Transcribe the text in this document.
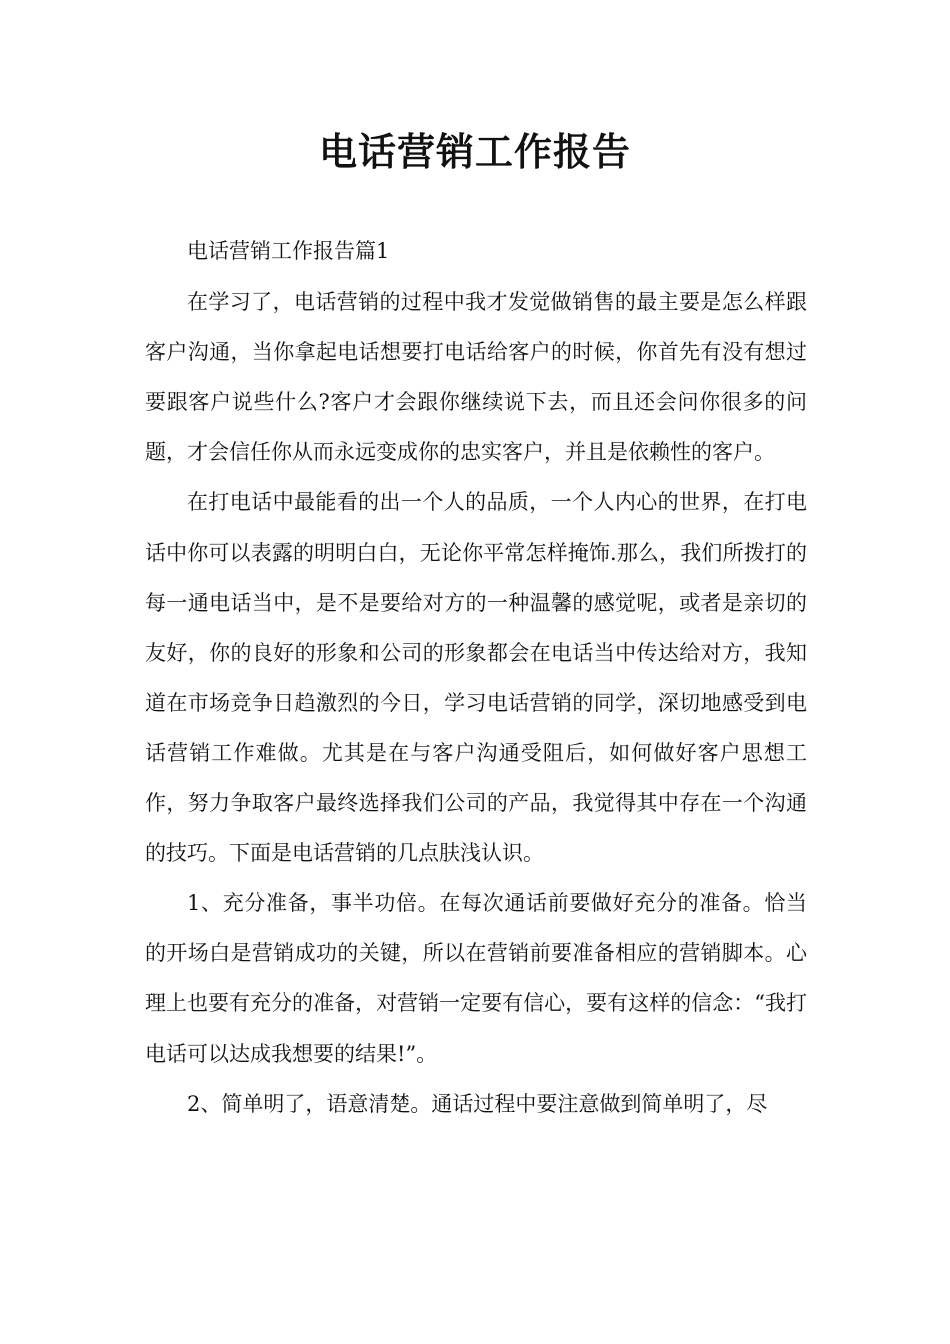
电话营销工作报告

电话营销工作报告篇1

在学习了，电话营销的过程中我才发觉做销售的最主要是怎么样跟客户沟通，当你拿起电话想要打电话给客户的时候，你首先有没有想过要跟客户说些什么?客户才会跟你继续说下去，而且还会问你很多的问题，才会信任你从而永远变成你的忠实客户，并且是依赖性的客户。

在打电话中最能看的出一个人的品质，一个人内心的世界，在打电话中你可以表露的明明白白，无论你平常怎样掩饰.那么，我们所拨打的每一通电话当中，是不是要给对方的一种温馨的感觉呢，或者是亲切的友好，你的良好的形象和公司的形象都会在电话当中传达给对方，我知道在市场竞争日趋激烈的今日，学习电话营销的同学，深切地感受到电话营销工作难做。尤其是在与客户沟通受阻后，如何做好客户思想工作，努力争取客户最终选择我们公司的产品，我觉得其中存在一个沟通的技巧。下面是电话营销的几点肤浅认识。

1、充分准备，事半功倍。在每次通话前要做好充分的准备。恰当的开场白是营销成功的关键，所以在营销前要准备相应的营销脚本。心理上也要有充分的准备，对营销一定要有信心，要有这样的信念：“我打电话可以达成我想要的结果!”。

2、简单明了，语意清楚。通话过程中要注意做到简单明了，尽
